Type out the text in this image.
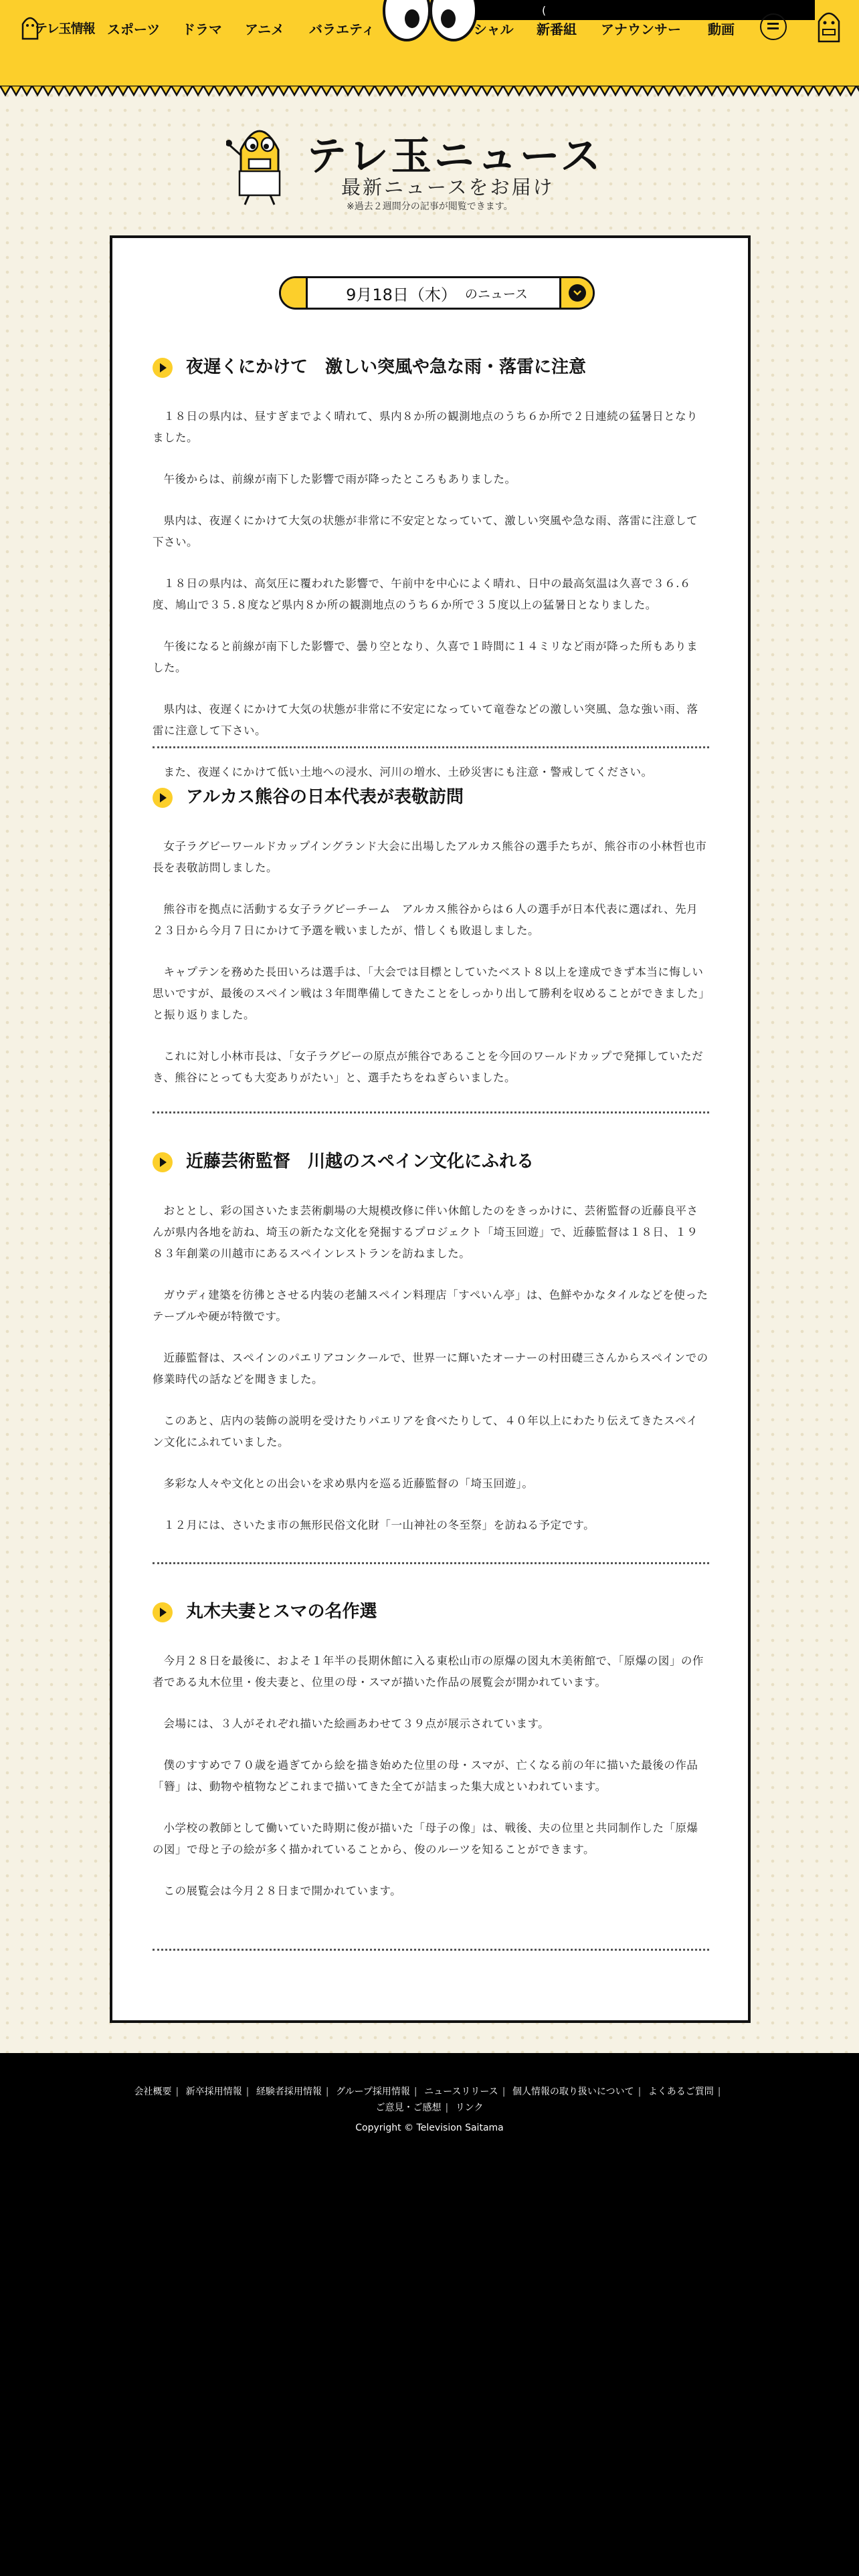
テレ玉情報 スポーツ ドラマ アニメ バラエティ
(
シャル 新番組 アナウンサー 動画
テレ玉ニュース
最新ニュースをお届け
※過去２週間分の記事が閲覧できます。
9月18日（木） のニュース
夜遅くにかけて　激しい突風や急な雨・落雷に注意

１８日の県内は、昼すぎまでよく晴れて、県内８か所の観測地点のうち６か所で２日連続の猛暑日となりました。

午後からは、前線が南下した影響で雨が降ったところもありました。

県内は、夜遅くにかけて大気の状態が非常に不安定となっていて、激しい突風や急な雨、落雷に注意して下さい。

１８日の県内は、高気圧に覆われた影響で、午前中を中心によく晴れ、日中の最高気温は久喜で３６.６度、鳩山で３５.８度など県内８か所の観測地点のうち６か所で３５度以上の猛暑日となりました。

午後になると前線が南下した影響で、曇り空となり、久喜で１時間に１４ミリなど雨が降った所もありました。

県内は、夜遅くにかけて大気の状態が非常に不安定になっていて竜巻などの激しい突風、急な強い雨、落雷に注意して下さい。

また、夜遅くにかけて低い土地への浸水、河川の増水、土砂災害にも注意・警戒してください。

アルカス熊谷の日本代表が表敬訪問

女子ラグビーワールドカップイングランド大会に出場したアルカス熊谷の選手たちが、熊谷市の小林哲也市長を表敬訪問しました。

熊谷市を拠点に活動する女子ラグビーチーム　アルカス熊谷からは６人の選手が日本代表に選ばれ、先月２３日から今月７日にかけて予選を戦いましたが、惜しくも敗退しました。

キャプテンを務めた長田いろは選手は、「大会では目標としていたベスト８以上を達成できず本当に悔しい思いですが、最後のスペイン戦は３年間準備してきたことをしっかり出して勝利を収めることができました」と振り返りました。

これに対し小林市長は、「女子ラグビーの原点が熊谷であることを今回のワールドカップで発揮していただき、熊谷にとっても大変ありがたい」と、選手たちをねぎらいました。

近藤芸術監督　川越のスペイン文化にふれる

おととし、彩の国さいたま芸術劇場の大規模改修に伴い休館したのをきっかけに、芸術監督の近藤良平さんが県内各地を訪ね、埼玉の新たな文化を発掘するプロジェクト「埼玉回遊」で、近藤監督は１８日、１９８３年創業の川越市にあるスペインレストランを訪ねました。

ガウディ建築を彷彿とさせる内装の老舗スペイン料理店「すぺいん亭」は、色鮮やかなタイルなどを使ったテーブルや硬が特徴です。

近藤監督は、スペインのパエリアコンクールで、世界一に輝いたオーナーの村田礎三さんからスペインでの修業時代の話などを聞きました。

このあと、店内の装飾の説明を受けたりパエリアを食べたりして、４０年以上にわたり伝えてきたスペイン文化にふれていました。

多彩な人々や文化との出会いを求め県内を巡る近藤監督の「埼玉回遊」。

１２月には、さいたま市の無形民俗文化財「一山神社の冬至祭」を訪ねる予定です。

丸木夫妻とスマの名作選

今月２８日を最後に、およそ１年半の長期休館に入る東松山市の原爆の図丸木美術館で、「原爆の図」の作者である丸木位里・俊夫妻と、位里の母・スマが描いた作品の展覧会が開かれています。

会場には、３人がそれぞれ描いた絵画あわせて３９点が展示されています。

僕のすすめで７０歳を過ぎてから絵を描き始めた位里の母・スマが、亡くなる前の年に描いた最後の作品「簪」は、動物や植物などこれまで描いてきた全てが詰まった集大成といわれています。

小学校の教師として働いていた時期に俊が描いた「母子の像」は、戦後、夫の位里と共同制作した「原爆の図」で母と子の絵が多く描かれていることから、俊のルーツを知ることができます。

この展覧会は今月２８日まで開かれています。

会社概要 | 新卒採用情報 | 経験者採用情報 | グループ採用情報 | ニュースリリース | 個人情報の取り扱いについて | よくあるご質問 |
ご意見・ご感想 | リンク
Copyright © Television Saitama
